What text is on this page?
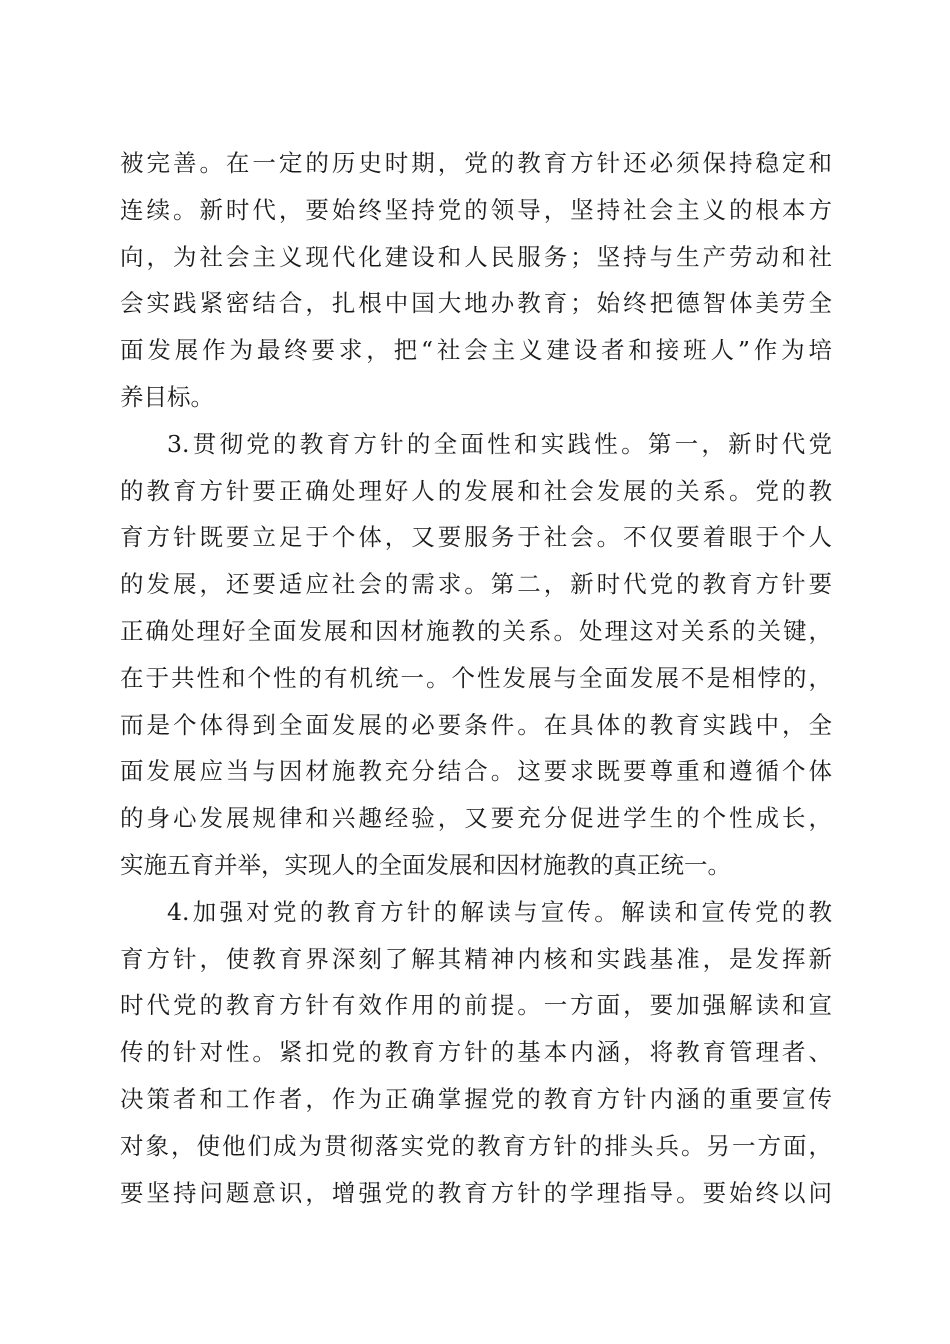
被完善。在一定的历史时期，党的教育方针还必须保持稳定和
连续。新时代，要始终坚持党的领导，坚持社会主义的根本方
向，为社会主义现代化建设和人民服务；坚持与生产劳动和社
会实践紧密结合，扎根中国大地办教育；始终把德智体美劳全
面发展作为最终要求，把“社会主义建设者和接班人”作为培
养目标。
3.贯彻党的教育方针的全面性和实践性。第一，新时代党
的教育方针要正确处理好人的发展和社会发展的关系。党的教
育方针既要立足于个体，又要服务于社会。不仅要着眼于个人
的发展，还要适应社会的需求。第二，新时代党的教育方针要
正确处理好全面发展和因材施教的关系。处理这对关系的关键，
在于共性和个性的有机统一。个性发展与全面发展不是相悖的，
而是个体得到全面发展的必要条件。在具体的教育实践中，全
面发展应当与因材施教充分结合。这要求既要尊重和遵循个体
的身心发展规律和兴趣经验，又要充分促进学生的个性成长，
实施五育并举，实现人的全面发展和因材施教的真正统一。
4.加强对党的教育方针的解读与宣传。解读和宣传党的教
育方针，使教育界深刻了解其精神内核和实践基准，是发挥新
时代党的教育方针有效作用的前提。一方面，要加强解读和宣
传的针对性。紧扣党的教育方针的基本内涵，将教育管理者、
决策者和工作者，作为正确掌握党的教育方针内涵的重要宣传
对象，使他们成为贯彻落实党的教育方针的排头兵。另一方面，
要坚持问题意识，增强党的教育方针的学理指导。要始终以问
